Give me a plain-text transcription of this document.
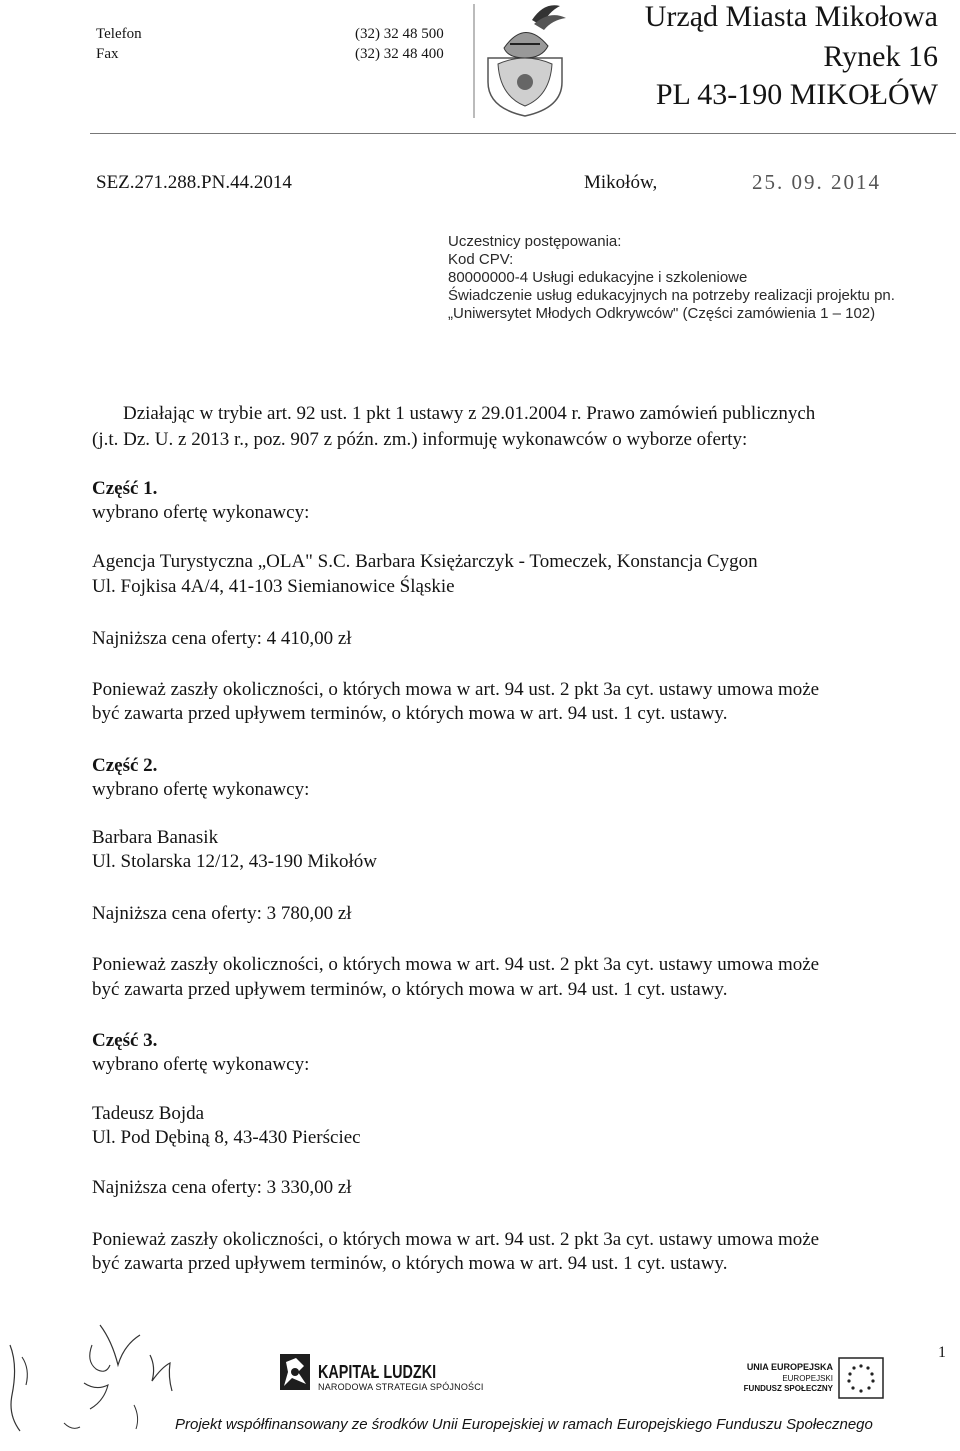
Telefon	(32) 32 48 500
Fax	(32) 32 48 400
Urząd Miasta Mikołowa
Rynek 16
PL 43-190 MIKOŁÓW
SEZ.271.288.PN.44.2014	Mikołów,	25. 09. 2014
Uczestnicy postępowania:
Kod CPV:
80000000-4 Usługi edukacyjne i szkoleniowe
Świadczenie usług edukacyjnych na potrzeby realizacji projektu pn.
„Uniwersytet Młodych Odkrywców" (Części zamówienia 1 – 102)
Działając w trybie art. 92 ust. 1 pkt 1 ustawy z 29.01.2004 r. Prawo zamówień publicznych
(j.t. Dz. U. z 2013 r., poz. 907 z późn. zm.) informuję wykonawców o wyborze oferty:
Część 1.
wybrano ofertę wykonawcy:
Agencja Turystyczna „OLA" S.C. Barbara Księżarczyk - Tomeczek, Konstancja Cygon
Ul. Fojkisa 4A/4, 41-103 Siemianowice Śląskie
Najniższa cena oferty: 4 410,00 zł
Ponieważ zaszły okoliczności, o których mowa w art. 94 ust. 2 pkt 3a cyt. ustawy umowa może
być zawarta przed upływem terminów, o których mowa w art. 94 ust. 1 cyt. ustawy.
Część 2.
wybrano ofertę wykonawcy:
Barbara Banasik
Ul. Stolarska 12/12, 43-190 Mikołów
Najniższa cena oferty: 3 780,00 zł
Ponieważ zaszły okoliczności, o których mowa w art. 94 ust. 2 pkt 3a cyt. ustawy umowa może
być zawarta przed upływem terminów, o których mowa w art. 94 ust. 1 cyt. ustawy.
Część 3.
wybrano ofertę wykonawcy:
Tadeusz Bojda
Ul. Pod Dębiną 8, 43-430 Pierściec
Najniższa cena oferty: 3 330,00 zł
Ponieważ zaszły okoliczności, o których mowa w art. 94 ust. 2 pkt 3a cyt. ustawy umowa może
być zawarta przed upływem terminów, o których mowa w art. 94 ust. 1 cyt. ustawy.
1
KAPITAŁ LUDZKI
NARODOWA STRATEGIA SPÓJNOŚCI
UNIA EUROPEJSKA
EUROPEJSKI
FUNDUSZ SPOŁECZNY
Projekt współfinansowany ze środków Unii Europejskiej w ramach Europejskiego Funduszu Społecznego
